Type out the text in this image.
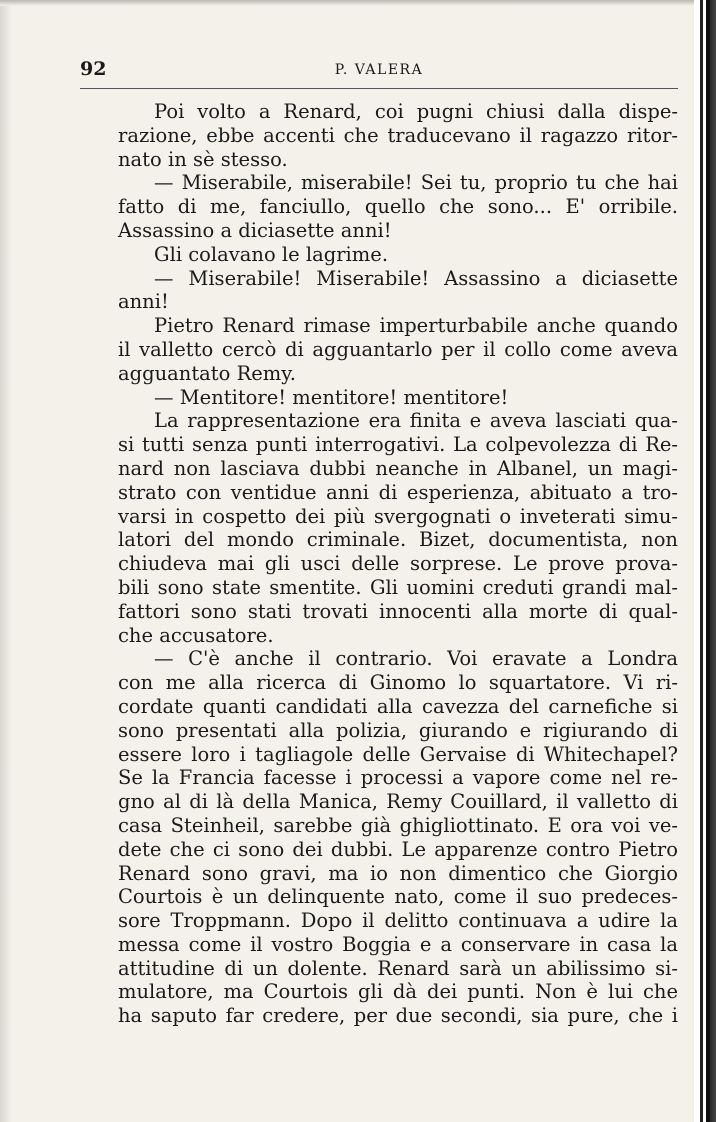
92	P. VALERA
Poi volto a Renard, coi pugni chiusi dalla dispe-
razione, ebbe accenti che traducevano il ragazzo ritor-
nato in sè stesso.
— Miserabile, miserabile! Sei tu, proprio tu che hai
fatto di me, fanciullo, quello che sono... E' orribile.
Assassino a diciasette anni!
Gli colavano le lagrime.
— Miserabile! Miserabile! Assassino a diciasette
anni!
Pietro Renard rimase imperturbabile anche quando
il valletto cercò di agguantarlo per il collo come aveva
agguantato Remy.
— Mentitore! mentitore! mentitore!
La rappresentazione era finita e aveva lasciati qua-
si tutti senza punti interrogativi. La colpevolezza di Re-
nard non lasciava dubbi neanche in Albanel, un magi-
strato con ventidue anni di esperienza, abituato a tro-
varsi in cospetto dei più svergognati o inveterati simu-
latori del mondo criminale. Bizet, documentista, non
chiudeva mai gli usci delle sorprese. Le prove prova-
bili sono state smentite. Gli uomini creduti grandi mal-
fattori sono stati trovati innocenti alla morte di qual-
che accusatore.
— C'è anche il contrario. Voi eravate a Londra
con me alla ricerca di Ginomo lo squartatore. Vi ri-
cordate quanti candidati alla cavezza del carnefiche si
sono presentati alla polizia, giurando e rigiurando di
essere loro i tagliagole delle Gervaise di Whitechapel?
Se la Francia facesse i processi a vapore come nel re-
gno al di là della Manica, Remy Couillard, il valletto di
casa Steinheil, sarebbe già ghigliottinato. E ora voi ve-
dete che ci sono dei dubbi. Le apparenze contro Pietro
Renard sono gravi, ma io non dimentico che Giorgio
Courtois è un delinquente nato, come il suo predeces-
sore Troppmann. Dopo il delitto continuava a udire la
messa come il vostro Boggia e a conservare in casa la
attitudine di un dolente. Renard sarà un abilissimo si-
mulatore, ma Courtois gli dà dei punti. Non è lui che
ha saputo far credere, per due secondi, sia pure, che i
